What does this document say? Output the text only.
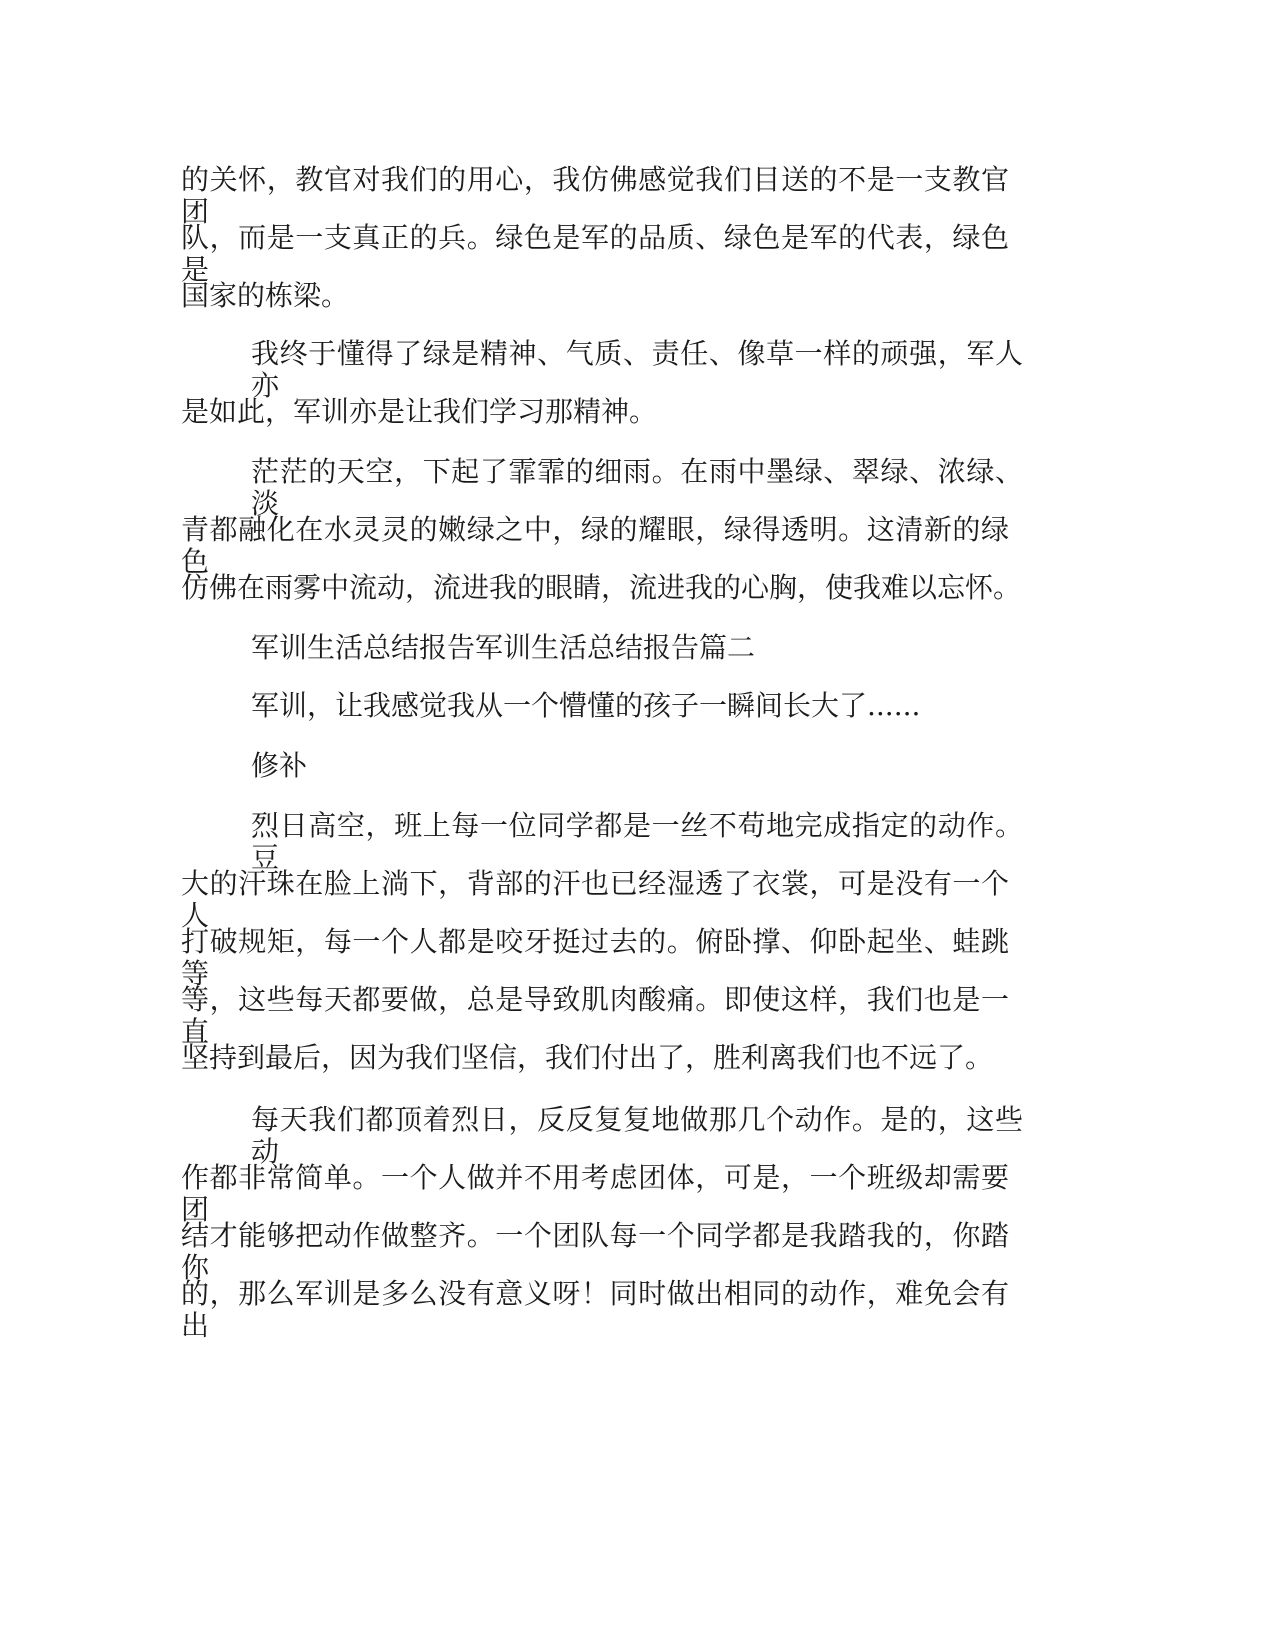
的关怀，教官对我们的用心，我仿佛感觉我们目送的不是一支教官团

队，而是一支真正的兵。绿色是军的品质、绿色是军的代表，绿色是

国家的栋梁。

我终于懂得了绿是精神、气质、责任、像草一样的顽强，军人亦

是如此，军训亦是让我们学习那精神。

茫茫的天空，下起了霏霏的细雨。在雨中墨绿、翠绿、浓绿、淡

青都融化在水灵灵的嫩绿之中，绿的耀眼，绿得透明。这清新的绿色

仿佛在雨雾中流动，流进我的眼睛，流进我的心胸，使我难以忘怀。

军训生活总结报告军训生活总结报告篇二

军训，让我感觉我从一个懵懂的孩子一瞬间长大了......

修补

烈日高空，班上每一位同学都是一丝不苟地完成指定的动作。豆

大的汗珠在脸上淌下，背部的汗也已经湿透了衣裳，可是没有一个人

打破规矩，每一个人都是咬牙挺过去的。俯卧撑、仰卧起坐、蛙跳等

等，这些每天都要做，总是导致肌肉酸痛。即使这样，我们也是一直

坚持到最后，因为我们坚信，我们付出了，胜利离我们也不远了。

每天我们都顶着烈日，反反复复地做那几个动作。是的，这些动

作都非常简单。一个人做并不用考虑团体，可是，一个班级却需要团

结才能够把动作做整齐。一个团队每一个同学都是我踏我的，你踏你

的，那么军训是多么没有意义呀！同时做出相同的动作，难免会有出
